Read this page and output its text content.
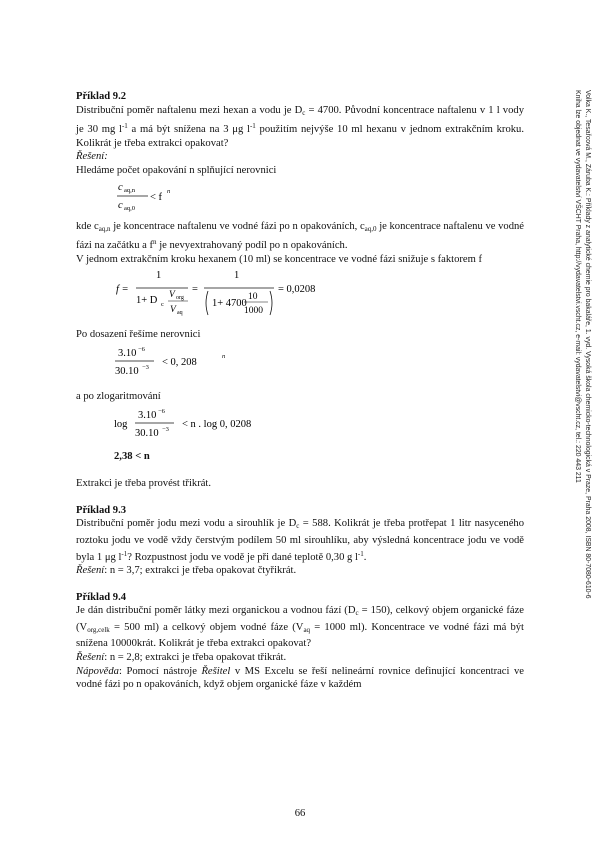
Příklad 9.2

Distribuční poměr naftalenu mezi hexan a vodu je $D_c = 4700$. Původní koncentrace naftalenu v 1 l vody je 30 mg $l^{-1}$ a má být snížena na 3 μg $l^{-1}$ použitím nejvýše 10 ml hexanu v jednom extrakčním kroku. Kolikrát je třeba extrakci opakovat?

Řešení:

Hledáme počet opakování n splňující nerovnici

c aq,n
c aq,0
< f
n

kde $c_{aq,n}$ je koncentrace naftalenu ve vodné fázi po n opakováních, $c_{aq,0}$ je koncentrace naftalenu ve vodné fázi na začátku a $f^n$ je nevyextrahovaný podíl po n opakováních.

V jednom extrakčním kroku hexanem (10 ml) se koncentrace ve vodné fázi snižuje s faktorem f

f =
1
1+ D c
V org
V aq
=
1
1+ 4700
10
1000
= 0,0208

Po dosazení řešíme nerovnici

3.10 −6
30.10 −3 < 0, 208
n

a po zlogaritmování

log
3.10 −6
30.10 −3 < n . log 0, 0208

2,38 < n

Extrakci je třeba provést třikrát.

Příklad 9.3

Distribuční poměr jodu mezi vodu a sirouhlík je $D_c = 588$. Kolikrát je třeba protřepat 1 litr nasyceného roztoku jodu ve vodě vždy čerstvým podílem 50 ml sirouhlíku, aby výsledná koncentrace jodu ve vodě byla 1 μg $l^{-1}$? Rozpustnost jodu ve vodě je při dané teplotě 0,30 g $l^{-1}$.

Řešení: n = 3,7; extrakci je třeba opakovat čtyřikrát.

Příklad 9.4

Je dán distribuční poměr látky mezi organickou a vodnou fází $(D_c = 150)$, celkový objem organické fáze ($V_{org,celk} = 500$ ml) a celkový objem vodné fáze ($V_{aq} = 1000$ ml). Koncentrace ve vodné fázi má být snížena 10000krát. Kolikrát je třeba extrakci opakovat?

Řešení: n = 2,8; extrakci je třeba opakovat třikrát.

Nápověda: Pomocí nástroje Řešitel v MS Excelu se řeší nelineární rovnice definující koncentraci ve vodné fázi po n opakováních, když objem organické fáze v každém

Volka K., Tesařcová M., Záruba K.: Příklady z analytické chemie pro bakaláře, 1. vyd. Vysoká škola chemicko-technologická v Praze, Praha 2008, ISBN 80-7080-610-6
Kniha lze objednat ve vydavatelství VŠCHT Praha, http://vydavatelstvi.vscht.cz, e-mail: vydavatelstvi@vscht.cz, tel.: 220 443 211
66
